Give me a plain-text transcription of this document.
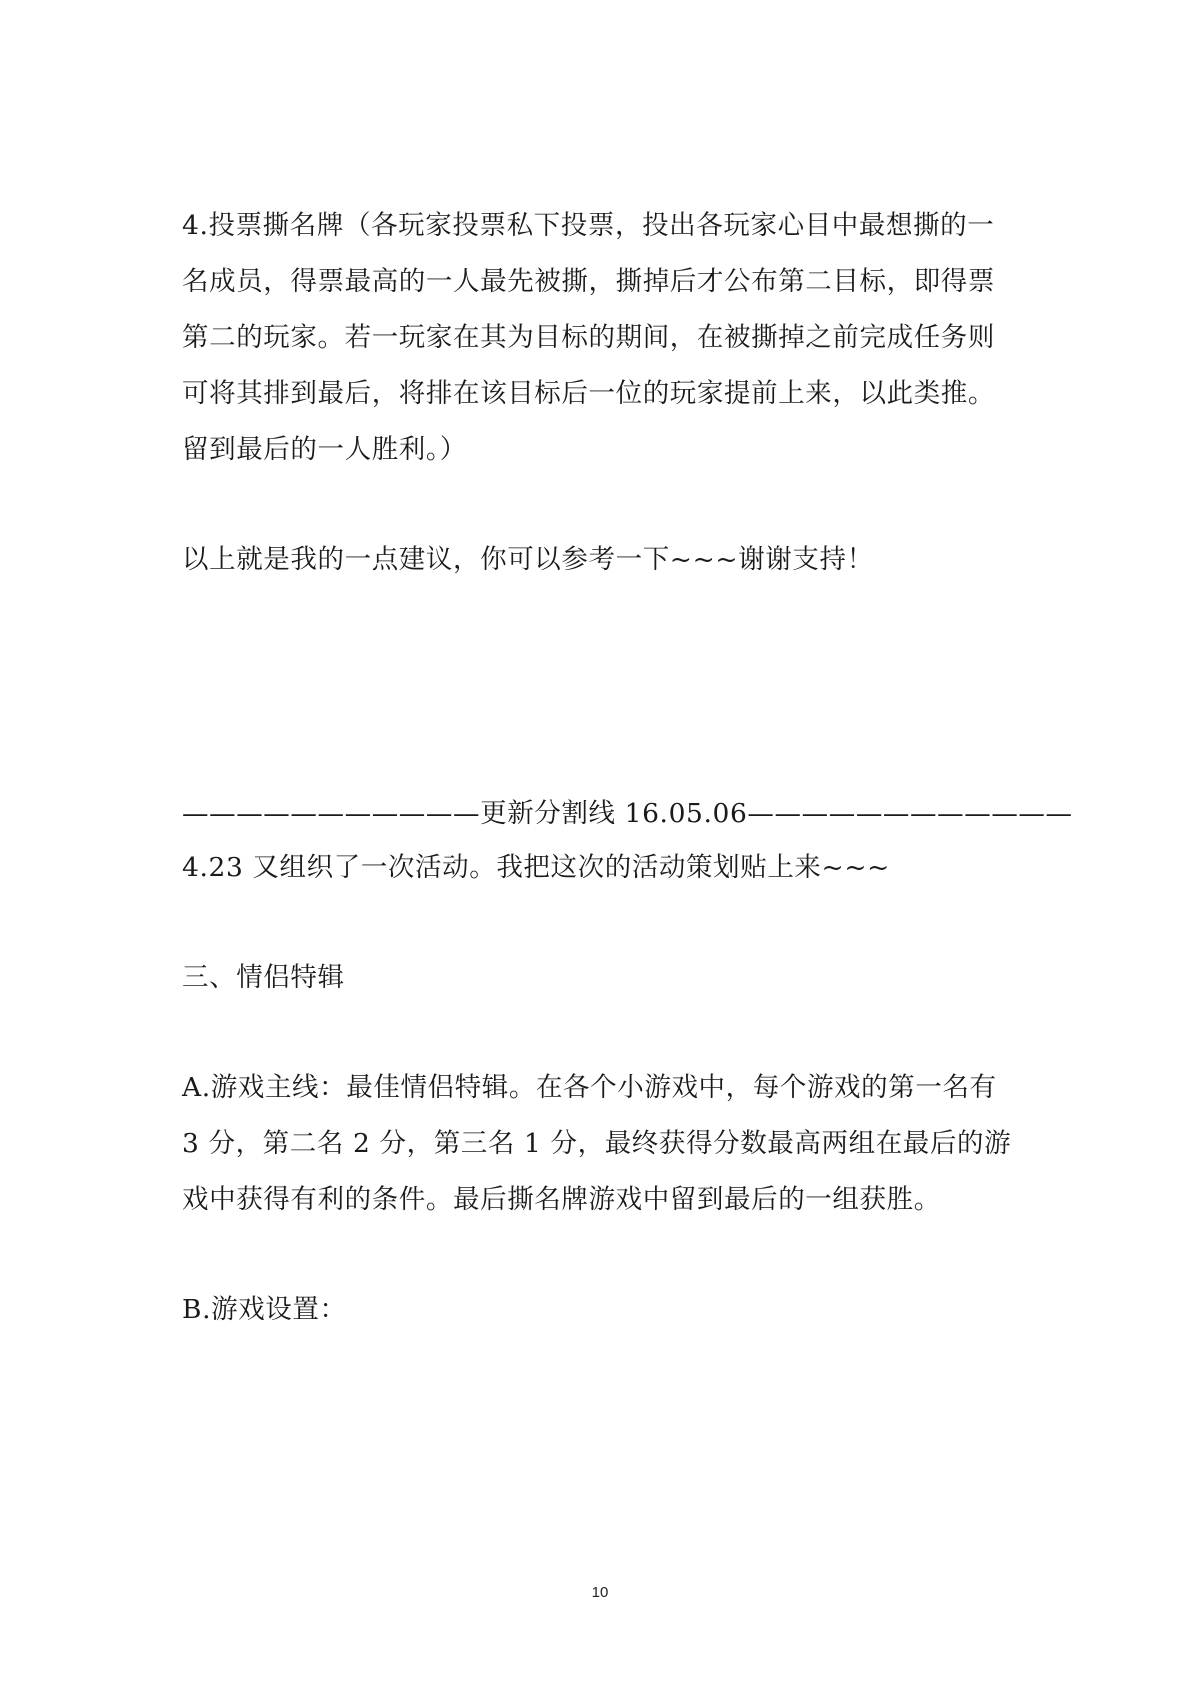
4.投票撕名牌（各玩家投票私下投票，投出各玩家心目中最想撕的一
名成员，得票最高的一人最先被撕，撕掉后才公布第二目标，即得票
第二的玩家。若一玩家在其为目标的期间，在被撕掉之前完成任务则
可将其排到最后，将排在该目标后一位的玩家提前上来，以此类推。
留到最后的一人胜利。）
以上就是我的一点建议，你可以参考一下~~~谢谢支持！
———————————更新分割线 16.05.06————————————
4.23 又组织了一次活动。我把这次的活动策划贴上来~~~
三、情侣特辑
A.游戏主线：最佳情侣特辑。在各个小游戏中，每个游戏的第一名有
3 分，第二名 2 分，第三名 1 分，最终获得分数最高两组在最后的游
戏中获得有利的条件。最后撕名牌游戏中留到最后的一组获胜。
B.游戏设置：
10
